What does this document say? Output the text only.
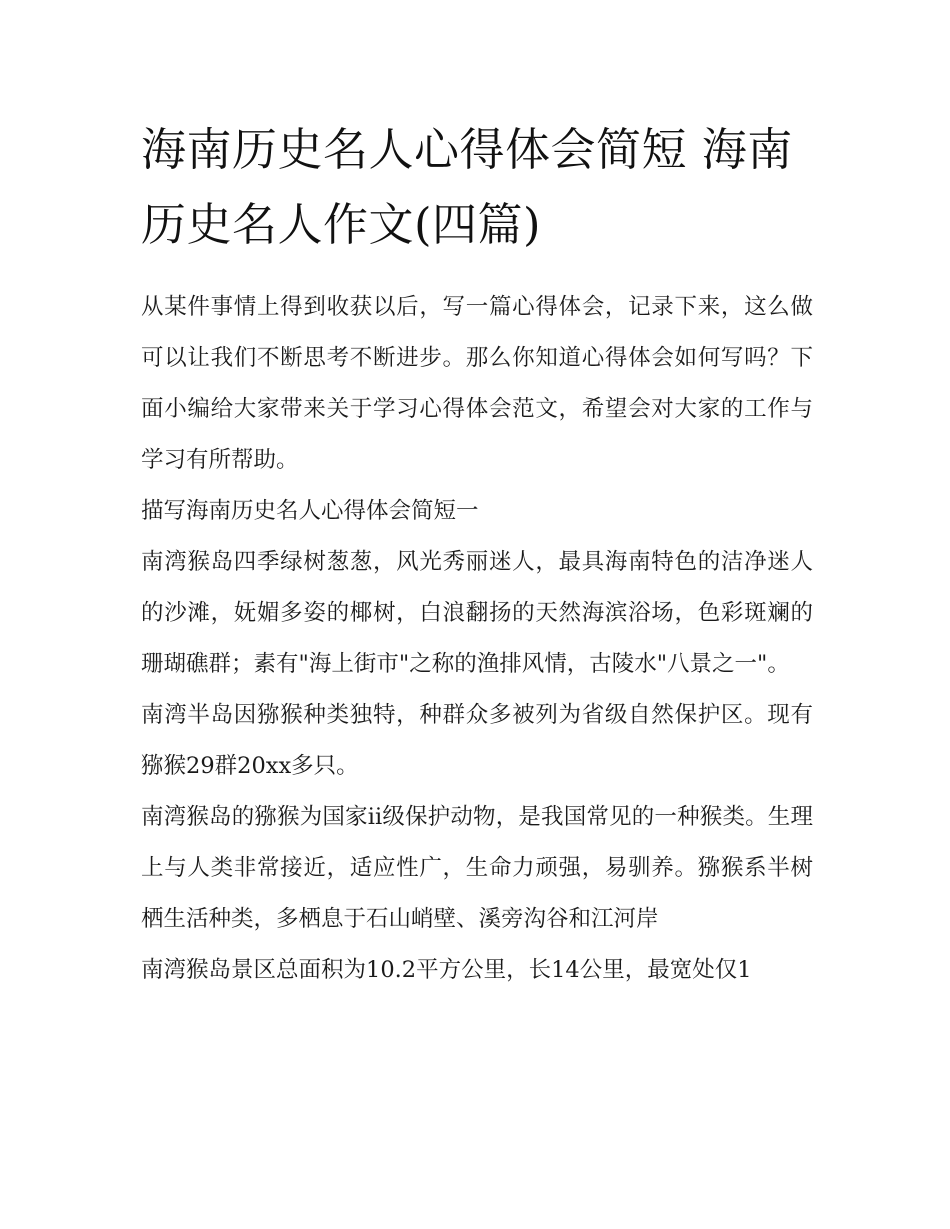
海南历史名人心得体会简短 海南历史名人作文(四篇)

从某件事情上得到收获以后，写一篇心得体会，记录下来，这么做可以让我们不断思考不断进步。那么你知道心得体会如何写吗？下面小编给大家带来关于学习心得体会范文，希望会对大家的工作与学习有所帮助。

描写海南历史名人心得体会简短一

南湾猴岛四季绿树葱葱，风光秀丽迷人，最具海南特色的洁净迷人的沙滩，妩媚多姿的椰树，白浪翻扬的天然海滨浴场，色彩斑斓的珊瑚礁群；素有"海上街市"之称的渔排风情，古陵水"八景之一"。

南湾半岛因猕猴种类独特，种群众多被列为省级自然保护区。现有猕猴29群20xx多只。

南湾猴岛的猕猴为国家ii级保护动物，是我国常见的一种猴类。生理上与人类非常接近，适应性广，生命力顽强，易驯养。猕猴系半树栖生活种类，多栖息于石山峭壁、溪旁沟谷和江河岸

南湾猴岛景区总面积为10.2平方公里，长14公里，最宽处仅1
